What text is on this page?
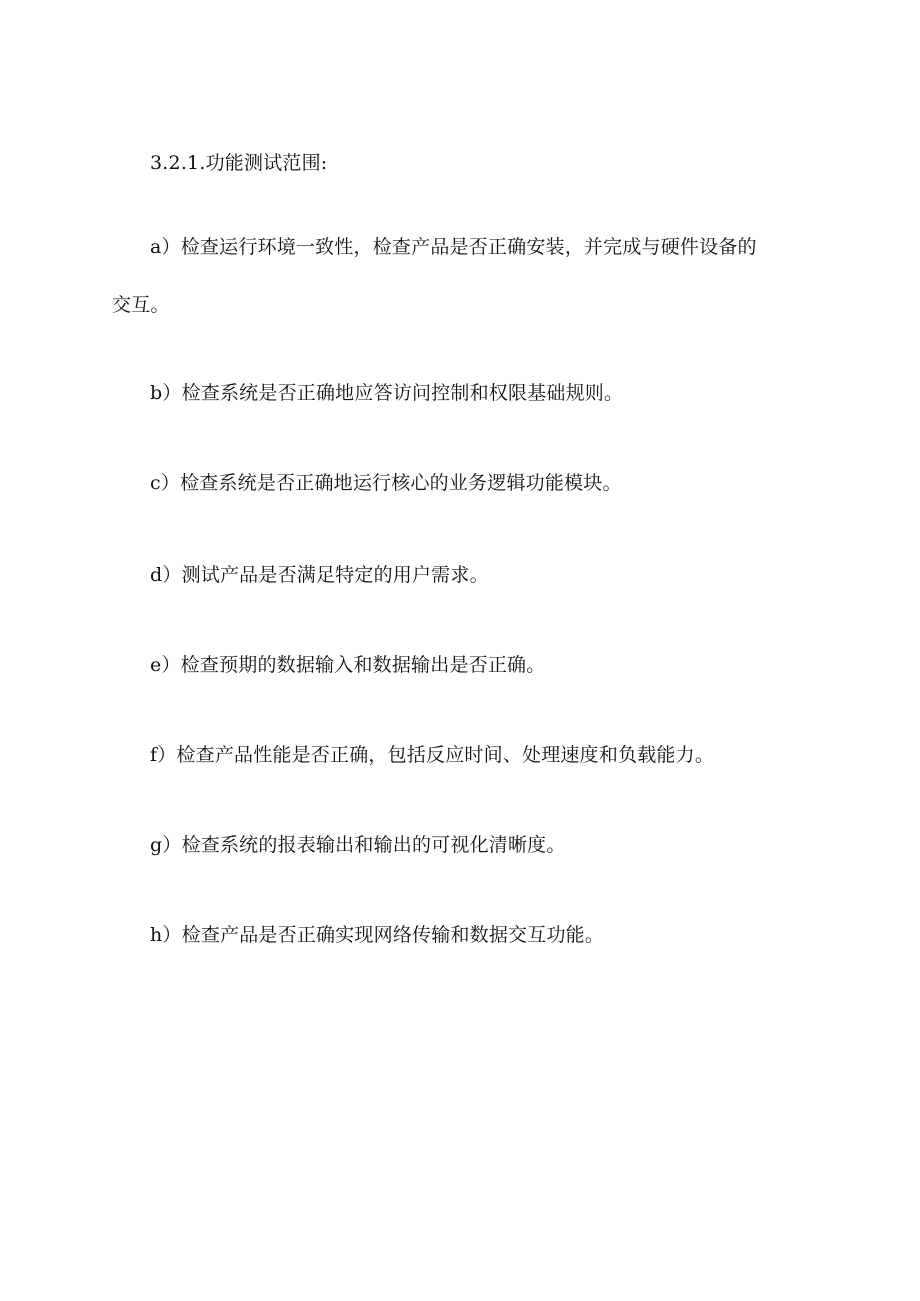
3.2.1.功能测试范围:
a）检查运行环境一致性，检查产品是否正确安装，并完成与硬件设备的
交互。
b）检查系统是否正确地应答访问控制和权限基础规则。
c）检查系统是否正确地运行核心的业务逻辑功能模块。
d）测试产品是否满足特定的用户需求。
e）检查预期的数据输入和数据输出是否正确。
f）检查产品性能是否正确，包括反应时间、处理速度和负载能力。
g）检查系统的报表输出和输出的可视化清晰度。
h）检查产品是否正确实现网络传输和数据交互功能。
